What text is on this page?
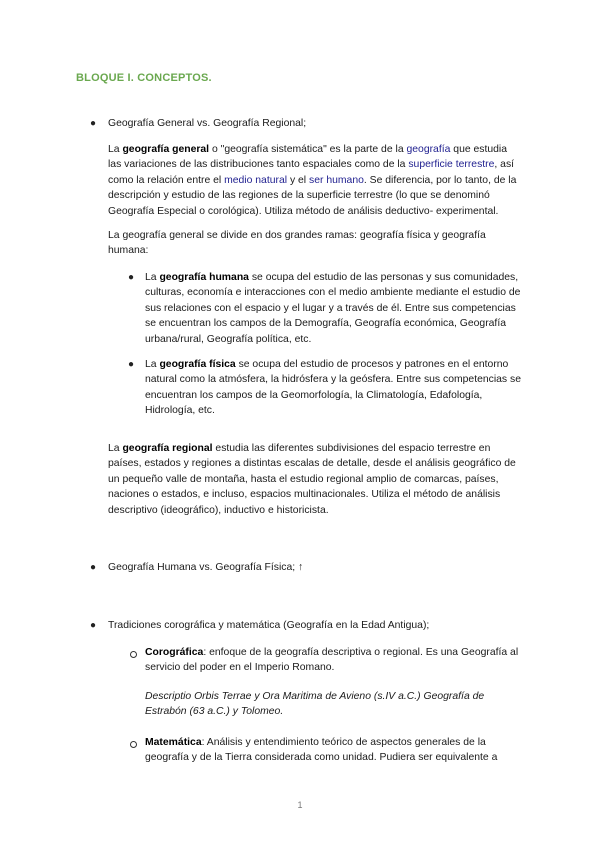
BLOQUE I. CONCEPTOS.
● Geografía General vs. Geografía Regional;

La geografía general o "geografía sistemática" es la parte de la geografía que estudia las variaciones de las distribuciones tanto espaciales como de la superficie terrestre, así como la relación entre el medio natural y el ser humano. Se diferencia, por lo tanto, de la descripción y estudio de las regiones de la superficie terrestre (lo que se denominó Geografía Especial o corológica). Utiliza método de análisis deductivo- experimental.

La geografía general se divide en dos grandes ramas: geografía física y geografía humana:

● La geografía humana se ocupa del estudio de las personas y sus comunidades, culturas, economía e interacciones con el medio ambiente mediante el estudio de sus relaciones con el espacio y el lugar y a través de él. Entre sus competencias se encuentran los campos de la Demografía, Geografía económica, Geografía urbana/rural, Geografía política, etc.

● La geografía física se ocupa del estudio de procesos y patrones en el entorno natural como la atmósfera, la hidrósfera y la geósfera. Entre sus competencias se encuentran los campos de la Geomorfología, la Climatología, Edafología, Hidrología, etc.

La geografía regional estudia las diferentes subdivisiones del espacio terrestre en países, estados y regiones a distintas escalas de detalle, desde el análisis geográfico de un pequeño valle de montaña, hasta el estudio regional amplio de comarcas, países, naciones o estados, e incluso, espacios multinacionales. Utiliza el método de análisis descriptivo (ideográfico), inductivo e historicista.

● Geografía Humana vs. Geografía Física; ↑

● Tradiciones corográfica y matemática (Geografía en la Edad Antigua);

Corográfica: enfoque de la geografía descriptiva o regional. Es una Geografía al servicio del poder en el Imperio Romano.

Descriptio Orbis Terrae y Ora Maritima de Avieno (s.IV a.C.) Geografía de Estrabón (63 a.C.) y Tolomeo.

Matemática: Análisis y entendimiento teórico de aspectos generales de la geografía y de la Tierra considerada como unidad. Pudiera ser equivalente a

1
